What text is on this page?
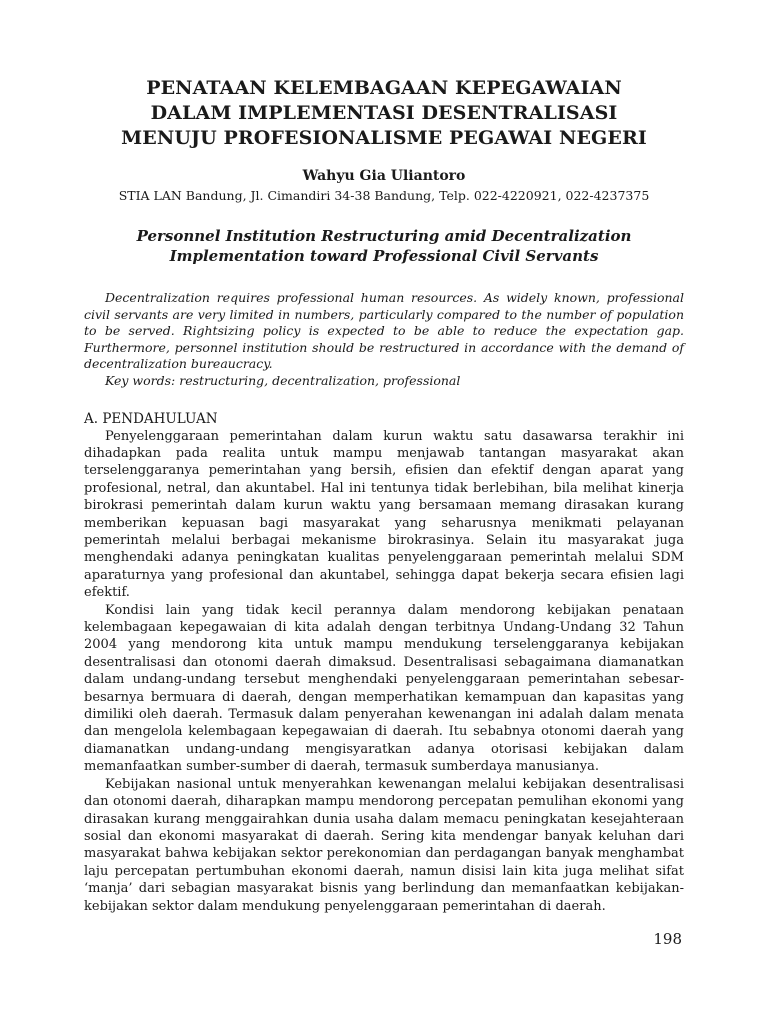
PENATAAN KELEMBAGAAN KEPEGAWAIAN
DALAM IMPLEMENTASI DESENTRALISASI
MENUJU PROFESIONALISME PEGAWAI NEGERI
Wahyu Gia Uliantoro
STIA LAN Bandung, Jl. Cimandiri 34-38 Bandung, Telp. 022-4220921, 022-4237375
Personnel Institution Restructuring amid Decentralization
Implementation toward Professional Civil Servants

Decentralization requires professional human resources. As widely known, professional civil servants are very limited in numbers, particularly compared to the number of population to be served. Rightsizing policy is expected to be able to reduce the expectation gap. Furthermore, personnel institution should be restructured in accordance with the demand of decentralization bureaucracy.

Key words: restructuring, decentralization, professional

A. PENDAHULUAN

Penyelenggaraan pemerintahan dalam kurun waktu satu dasawarsa terakhir ini dihadapkan pada realita untuk mampu menjawab tantangan masyarakat akan terselenggaranya pemerintahan yang bersih, efisien dan efektif dengan aparat yang profesional, netral, dan akuntabel. Hal ini tentunya tidak berlebihan, bila melihat kinerja birokrasi pemerintah dalam kurun waktu yang bersamaan memang dirasakan kurang memberikan kepuasan bagi masyarakat yang seharusnya menikmati pelayanan pemerintah melalui berbagai mekanisme birokrasinya. Selain itu masyarakat juga menghendaki adanya peningkatan kualitas penyelenggaraan pemerintah melalui SDM aparaturnya yang profesional dan akuntabel, sehingga dapat bekerja secara efisien lagi efektif.

Kondisi lain yang tidak kecil perannya dalam mendorong kebijakan penataan kelembagaan kepegawaian di kita adalah dengan terbitnya Undang-Undang 32 Tahun 2004 yang mendorong kita untuk mampu mendukung terselenggaranya kebijakan desentralisasi dan otonomi daerah dimaksud. Desentralisasi sebagaimana diamanatkan dalam undang-undang tersebut menghendaki penyelenggaraan pemerintahan sebesar-besarnya bermuara di daerah, dengan memperhatikan kemampuan dan kapasitas yang dimiliki oleh daerah. Termasuk dalam penyerahan kewenangan ini adalah dalam menata dan mengelola kelembagaan kepegawaian di daerah. Itu sebabnya otonomi daerah yang diamanatkan undang-undang mengisyaratkan adanya otorisasi kebijakan dalam memanfaatkan sumber-sumber di daerah, termasuk sumberdaya manusianya.

Kebijakan nasional untuk menyerahkan kewenangan melalui kebijakan desentralisasi dan otonomi daerah, diharapkan mampu mendorong percepatan pemulihan ekonomi yang dirasakan kurang menggairahkan dunia usaha dalam memacu peningkatan kesejahteraan sosial dan ekonomi masyarakat di daerah. Sering kita mendengar banyak keluhan dari masyarakat bahwa kebijakan sektor perekonomian dan perdagangan banyak menghambat laju percepatan pertumbuhan ekonomi daerah, namun disisi lain kita juga melihat sifat ‘manja’ dari sebagian masyarakat bisnis yang berlindung dan memanfaatkan kebijakan-kebijakan sektor dalam mendukung penyelenggaraan pemerintahan di daerah.

198
